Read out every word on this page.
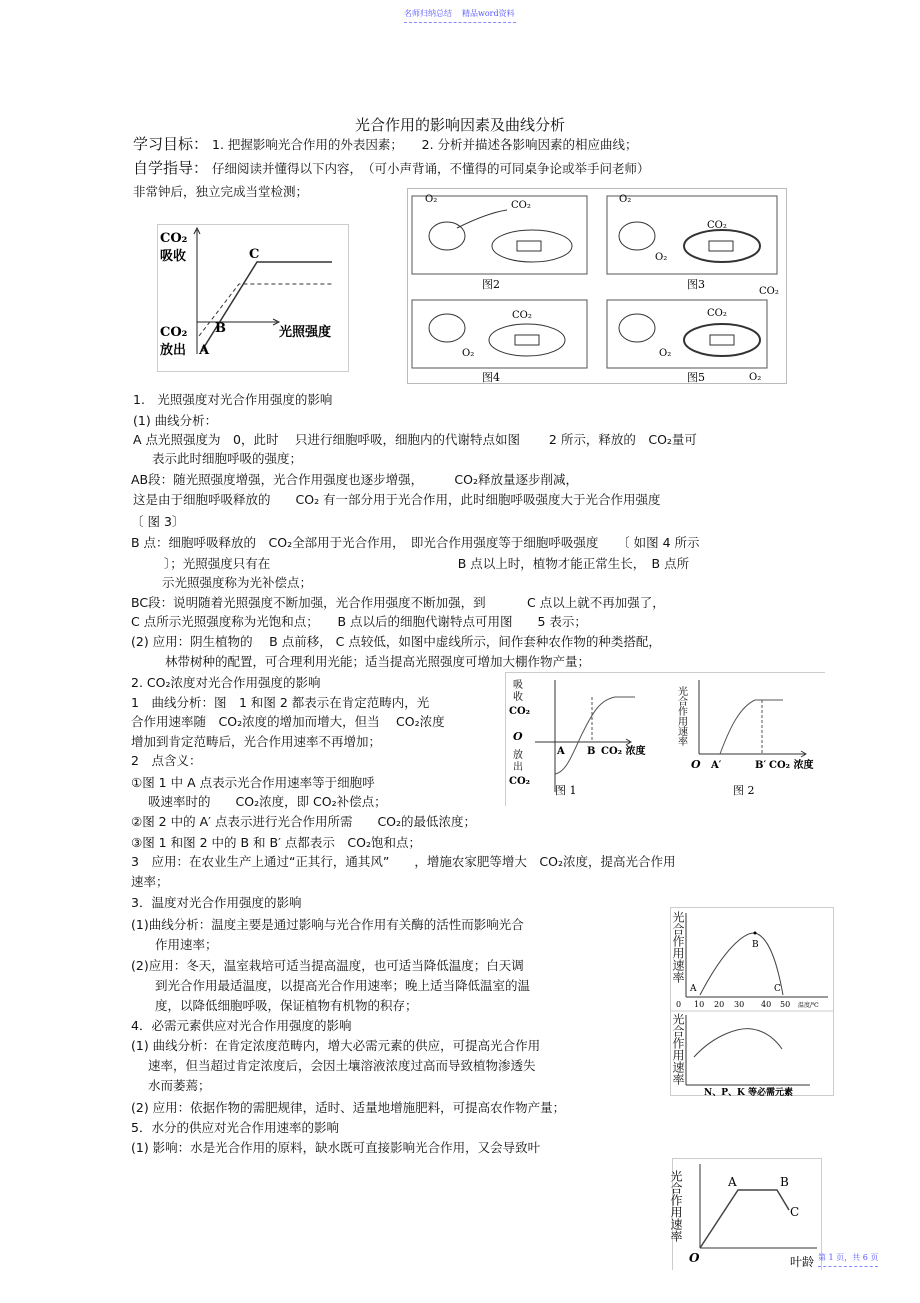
名师归纳总结 精品word资料
光合作用的影响因素及曲线分析
学习目标： 1. 把握影响光合作用的外表因素；　　2. 分析并描述各影响因素的相应曲线；
自学指导： 仔细阅读并懂得以下内容，　（可小声背诵，不懂得的可同桌争论或举手问老师）
非常钟后，独立完成当堂检测；
CO₂
吸收
CO₂
放出
光照强度
A
B
C
O₂
CO₂
图2
O₂
CO₂
O₂
图3
CO₂
O₂
图4
CO₂
CO₂
O₂
O₂
图5
1.　光照强度对光合作用强度的影响
(1) 曲线分析：
A 点光照强度为　0，此时　 只进行细胞呼吸，细胞内的代谢特点如图　　 2 所示，释放的　CO₂量可
表示此时细胞呼吸的强度；
AB段：随光照强度增强，光合作用强度也逐步增强，　　　CO₂释放量逐步削减，
这是由于细胞呼吸释放的　　CO₂ 有一部分用于光合作用，此时细胞呼吸强度大于光合作用强度
〔 图 3〕
B 点：细胞呼吸释放的　CO₂全部用于光合作用，　即光合作用强度等于细胞呼吸强度　　〔 如图 4 所示
〕；光照强度只有在　　　　　　　　　　　　　　　B 点以上时，植物才能正常生长，　B 点所
示光照强度称为光补偿点；
BC段：说明随着光照强度不断加强，光合作用强度不断加强，到　　　 C 点以上就不再加强了，
C 点所示光照强度称为光饱和点；　　B 点以后的细胞代谢特点可用图　　5 表示；
(2) 应用：阴生植物的　 B 点前移， C 点较低，如图中虚线所示，间作套种农作物的种类搭配，
林带树种的配置，可合理利用光能；适当提高光照强度可增加大棚作物产量；
2. CO₂浓度对光合作用强度的影响
1　曲线分析：图　1 和图 2 都表示在肯定范畴内，光
合作用速率随　CO₂浓度的增加而增大，但当　 CO₂浓度
增加到肯定范畴后，光合作用速率不再增加；
2　点含义：
①图 1 中 A 点表示光合作用速率等于细胞呼
吸速率时的　　CO₂浓度，即 CO₂补偿点；
②图 2 中的 A′ 点表示进行光合作用所需　　CO₂的最低浓度；
③图 1 和图 2 中的 B 和 B′ 点都表示　CO₂饱和点；
3　应用：在农业生产上通过“正其行，通其风”　　，增施农家肥等增大　CO₂浓度，提高光合作用
速率；
吸
收
CO₂
O
放
出
CO₂
A B CO₂ 浓度
图 1
光合作用速率
O A′	B′ CO₂ 浓度
图 2
3．温度对光合作用强度的影响
(1)曲线分析：温度主要是通过影响与光合作用有关酶的活性而影响光合
作用速率；
(2)应用：冬天，温室栽培可适当提高温度，也可适当降低温度；白天调
到光合作用最适温度，以提高光合作用速率；晚上适当降低温室的温
度，以降低细胞呼吸，保证植物有机物的积存；
4．必需元素供应对光合作用强度的影响
(1) 曲线分析：在肯定浓度范畴内，增大必需元素的供应，可提高光合作用
速率，但当超过肯定浓度后，会因土壤溶液浓度过高而导致植物渗透失
水而萎蔫；
(2) 应用：依据作物的需肥规律，适时、适量地增施肥料，可提高农作物产量；
5．水分的供应对光合作用速率的影响
(1) 影响：水是光合作用的原料，缺水既可直接影响光合作用，又会导致叶
A
B
C
0 10 20 30 40 50 温度/℃
N、P、K 等必需元素
光合作用速率
光合作用速率
光合作用速率
O
A	B
C
叶龄 第 1 页，共 6 页
